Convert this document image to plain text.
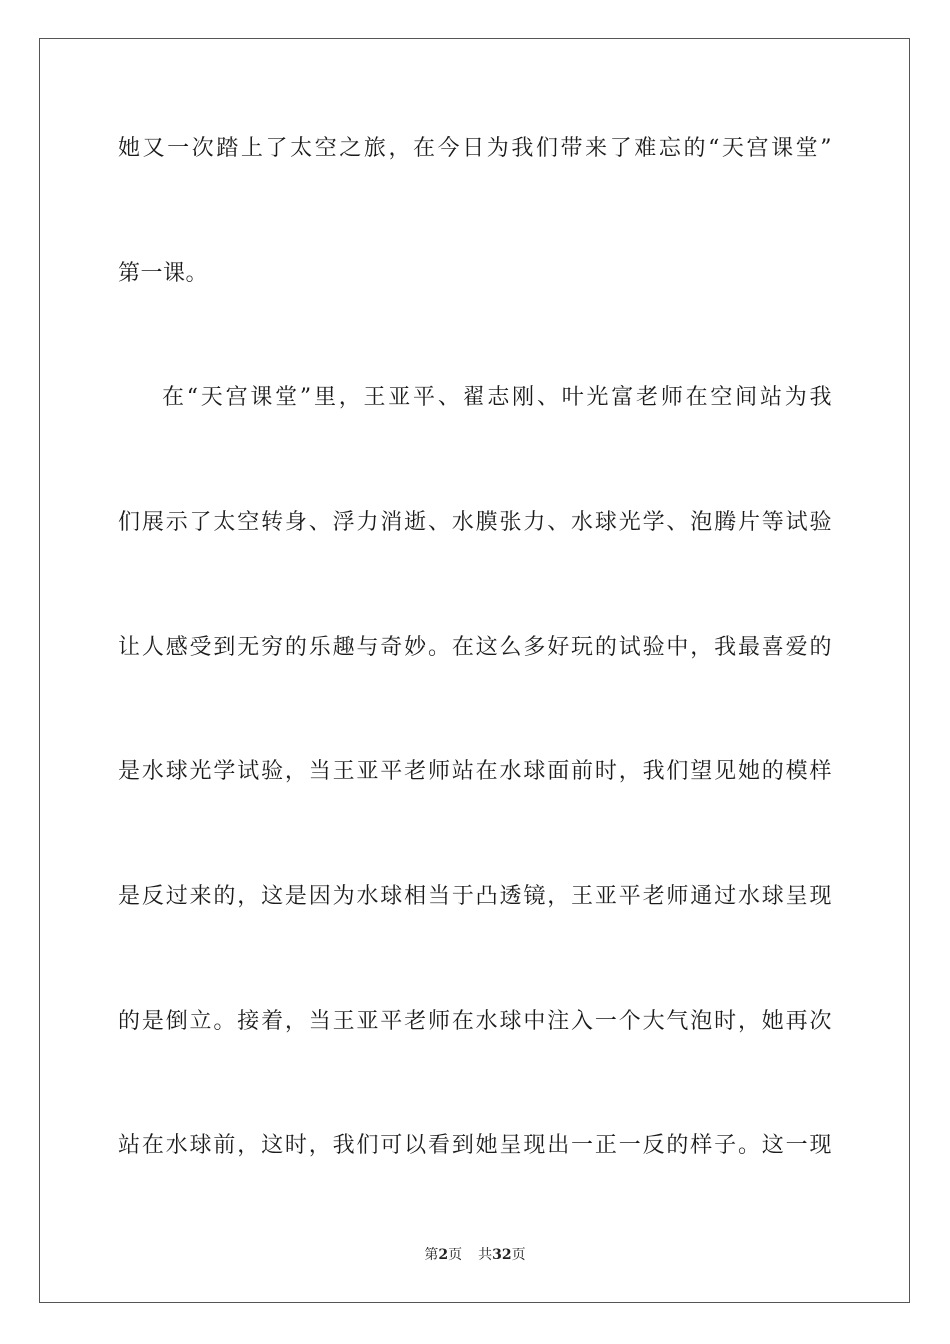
她又一次踏上了太空之旅，在今日为我们带来了难忘的“天宫课堂”
第一课。
在“天宫课堂”里，王亚平、翟志刚、叶光富老师在空间站为我
们展示了太空转身、浮力消逝、水膜张力、水球光学、泡腾片等试验
让人感受到无穷的乐趣与奇妙。在这么多好玩的试验中，我最喜爱的
是水球光学试验，当王亚平老师站在水球面前时，我们望见她的模样
是反过来的，这是因为水球相当于凸透镜，王亚平老师通过水球呈现
的是倒立。接着，当王亚平老师在水球中注入一个大气泡时，她再次
站在水球前，这时，我们可以看到她呈现出一正一反的样子。这一现
第2页 共32页
